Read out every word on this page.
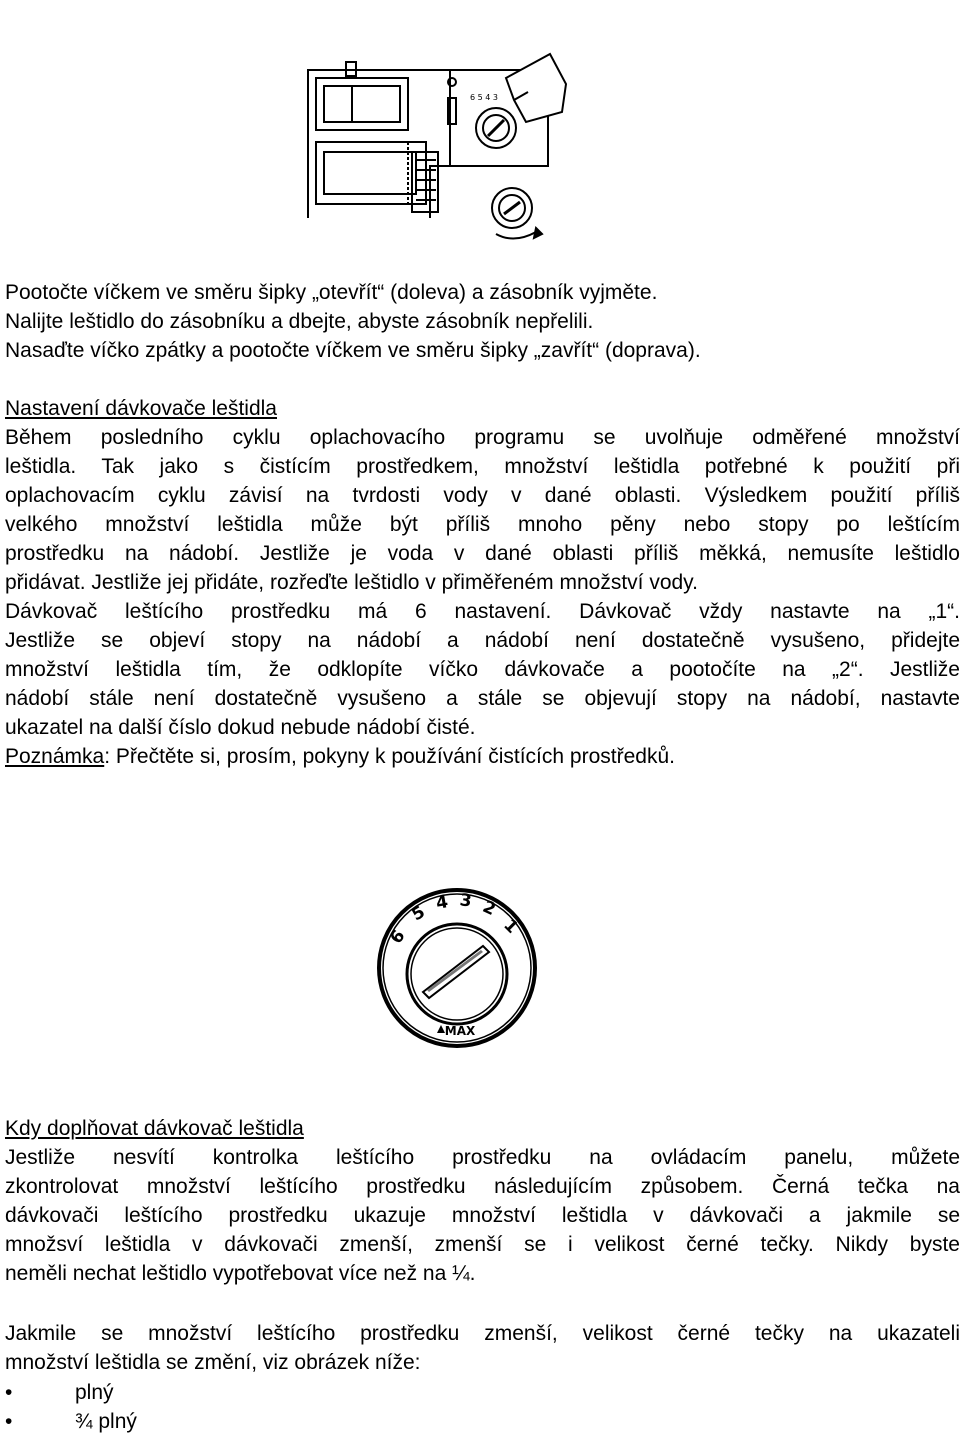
6 5 4 3
Pootočte víčkem ve směru šipky „otevřít“ (doleva) a zásobník vyjměte.
Nalijte leštidlo do zásobníku a dbejte, abyste zásobník nepřelili.
Nasaďte víčko zpátky a pootočte víčkem ve směru šipky „zavřít“ (doprava).
Nastavení dávkovače leštidla
Během posledního cyklu oplachovacího programu se uvolňuje odměřené množství
leštidla. Tak jako s čistícím prostředkem, množství leštidla potřebné k použití při
oplachovacím cyklu závisí na tvrdosti vody v dané oblasti. Výsledkem použití příliš
velkého množství leštidla může být příliš mnoho pěny nebo stopy po leštícím
prostředku na nádobí. Jestliže je voda v dané oblasti příliš měkká, nemusíte leštidlo
přidávat. Jestliže jej přidáte, rozřeďte leštidlo v přiměřeném množství vody.
Dávkovač leštícího prostředku má 6 nastavení. Dávkovač vždy nastavte na „1“.
Jestliže se objeví stopy na nádobí a nádobí není dostatečně vysušeno, přidejte
množství leštidla tím, že odklopíte víčko dávkovače a pootočíte na „2“. Jestliže
nádobí stále není dostatečně vysušeno a stále se objevují stopy na nádobí, nastavte
ukazatel na další číslo dokud nebude nádobí čisté.
Poznámka: Přečtěte si, prosím, pokyny k používání čistících prostředků.
6
5 4 3 2
1
MAX
Kdy doplňovat dávkovač leštidla
Jestliže nesvítí kontrolka leštícího prostředku na ovládacím panelu, můžete
zkontrolovat množství leštícího prostředku následujícím způsobem. Černá tečka na
dávkovači leštícího prostředku ukazuje množství leštidla v dávkovači a jakmile se
množsví leštidla v dávkovači zmenší, zmenší se i velikost černé tečky. Nikdy byste
neměli nechat leštidlo vypotřebovat více než na ¼.
Jakmile se množství leštícího prostředku zmenší, velikost černé tečky na ukazateli
množství leštidla se změní, viz obrázek níže:
•	plný
•	¾ plný
